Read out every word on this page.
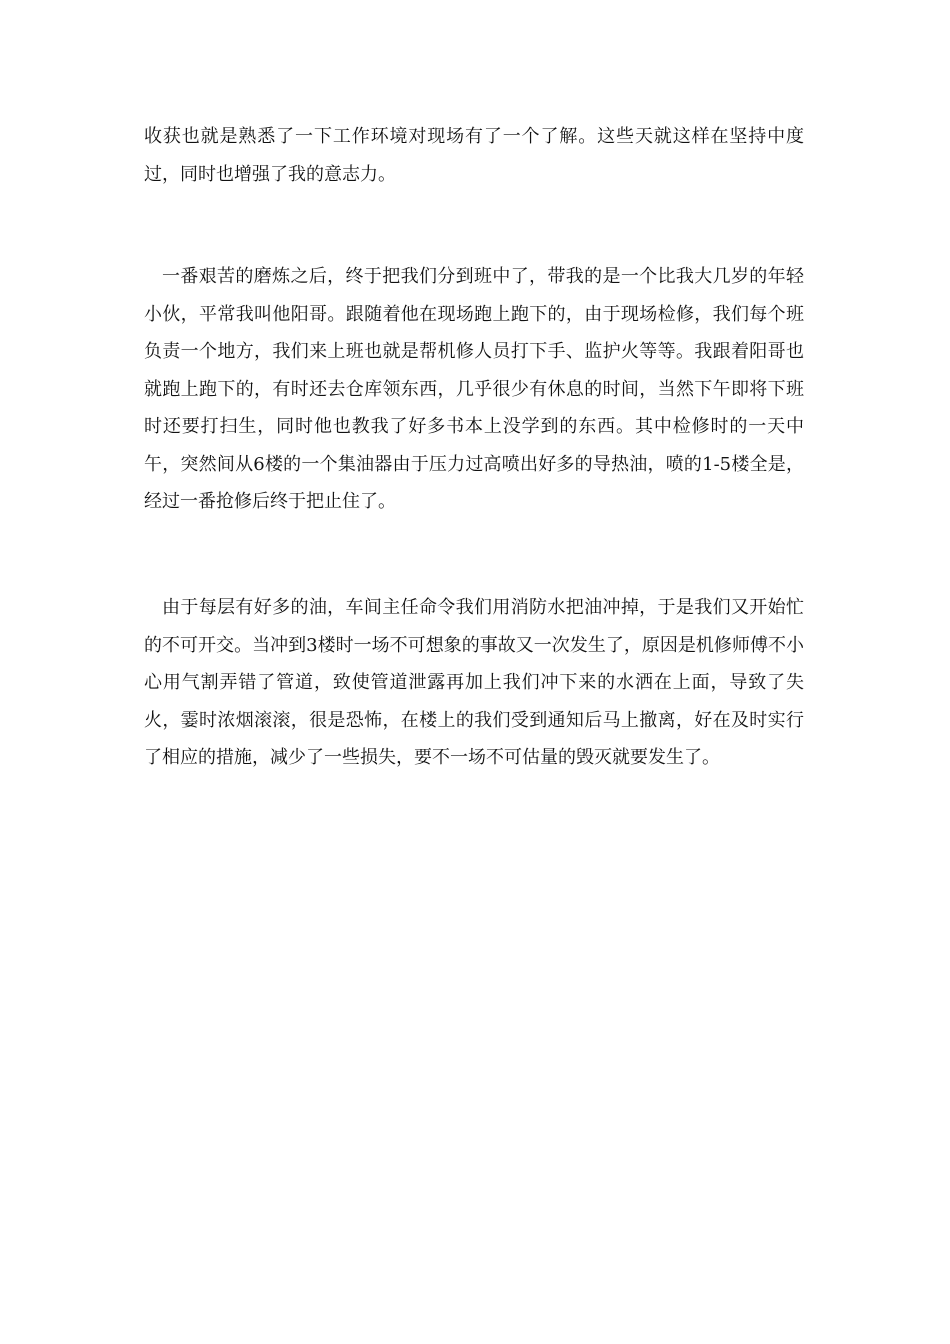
收获也就是熟悉了一下工作环境对现场有了一个了解。这些天就这样在坚持中度过，同时也增强了我的意志力。

一番艰苦的磨炼之后，终于把我们分到班中了，带我的是一个比我大几岁的年轻小伙，平常我叫他阳哥。跟随着他在现场跑上跑下的，由于现场检修，我们每个班负责一个地方，我们来上班也就是帮机修人员打下手、监护火等等。我跟着阳哥也就跑上跑下的，有时还去仓库领东西，几乎很少有休息的时间，当然下午即将下班时还要打扫生，同时他也教我了好多书本上没学到的东西。其中检修时的一天中午，突然间从6楼的一个集油器由于压力过高喷出好多的导热油，喷的1-5楼全是，经过一番抢修后终于把止住了。

由于每层有好多的油，车间主任命令我们用消防水把油冲掉，于是我们又开始忙的不可开交。当冲到3楼时一场不可想象的事故又一次发生了，原因是机修师傅不小心用气割弄错了管道，致使管道泄露再加上我们冲下来的水洒在上面，导致了失火，霎时浓烟滚滚，很是恐怖，在楼上的我们受到通知后马上撤离，好在及时实行了相应的措施，减少了一些损失，要不一场不可估量的毁灭就要发生了。
